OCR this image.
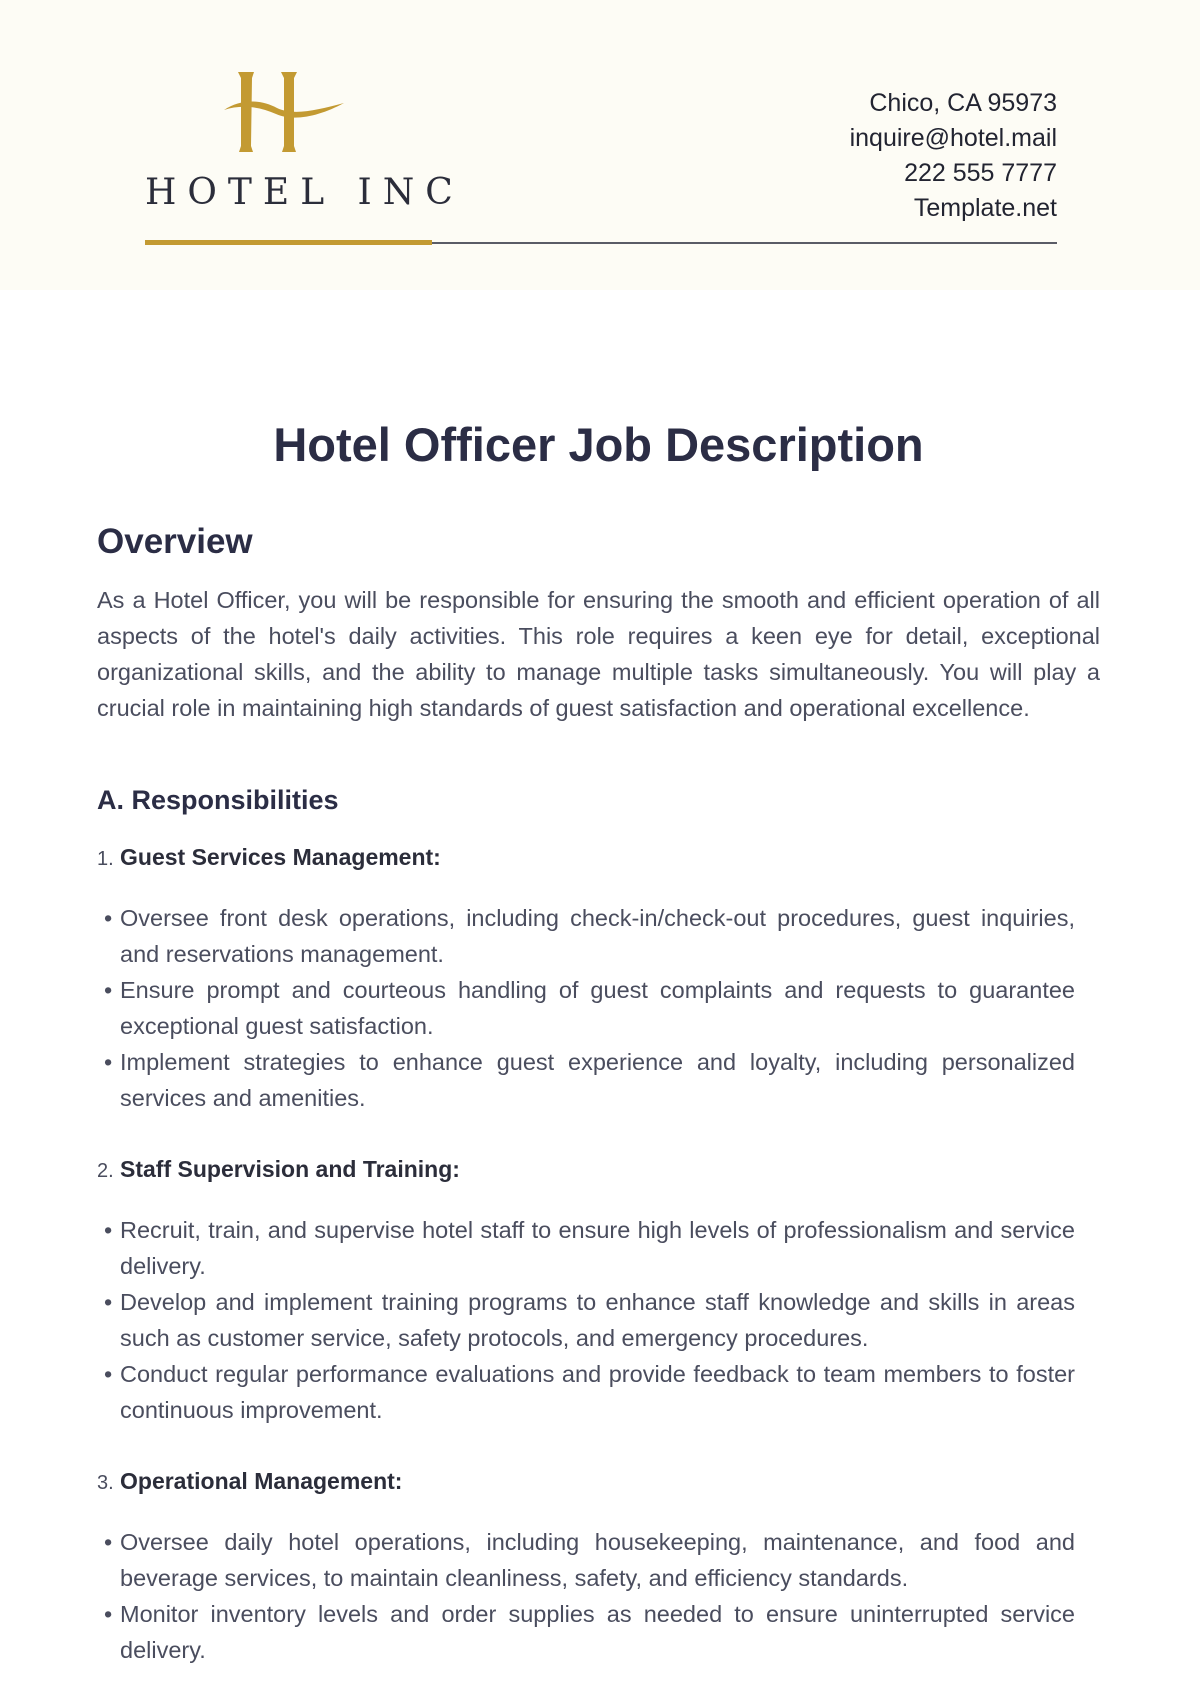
HOTEL INC
Chico, CA 95973
inquire@hotel.mail
222 555 7777
Template.net
Hotel Officer Job Description
Overview

As a Hotel Officer, you will be responsible for ensuring the smooth and efficient operation of all aspects of the hotel's daily activities. This role requires a keen eye for detail, exceptional organizational skills, and the ability to manage multiple tasks simultaneously. You will play a crucial role in maintaining high standards of guest satisfaction and operational excellence.

A. Responsibilities
1. Guest Services Management:
• Oversee front desk operations, including check-in/check-out procedures, guest inquiries, and reservations management.
• Ensure prompt and courteous handling of guest complaints and requests to guarantee exceptional guest satisfaction.
• Implement strategies to enhance guest experience and loyalty, including personalized services and amenities.
2. Staff Supervision and Training:
• Recruit, train, and supervise hotel staff to ensure high levels of professionalism and service delivery.
• Develop and implement training programs to enhance staff knowledge and skills in areas such as customer service, safety protocols, and emergency procedures.
• Conduct regular performance evaluations and provide feedback to team members to foster continuous improvement.
3. Operational Management:
• Oversee daily hotel operations, including housekeeping, maintenance, and food and beverage services, to maintain cleanliness, safety, and efficiency standards.
• Monitor inventory levels and order supplies as needed to ensure uninterrupted service delivery.
